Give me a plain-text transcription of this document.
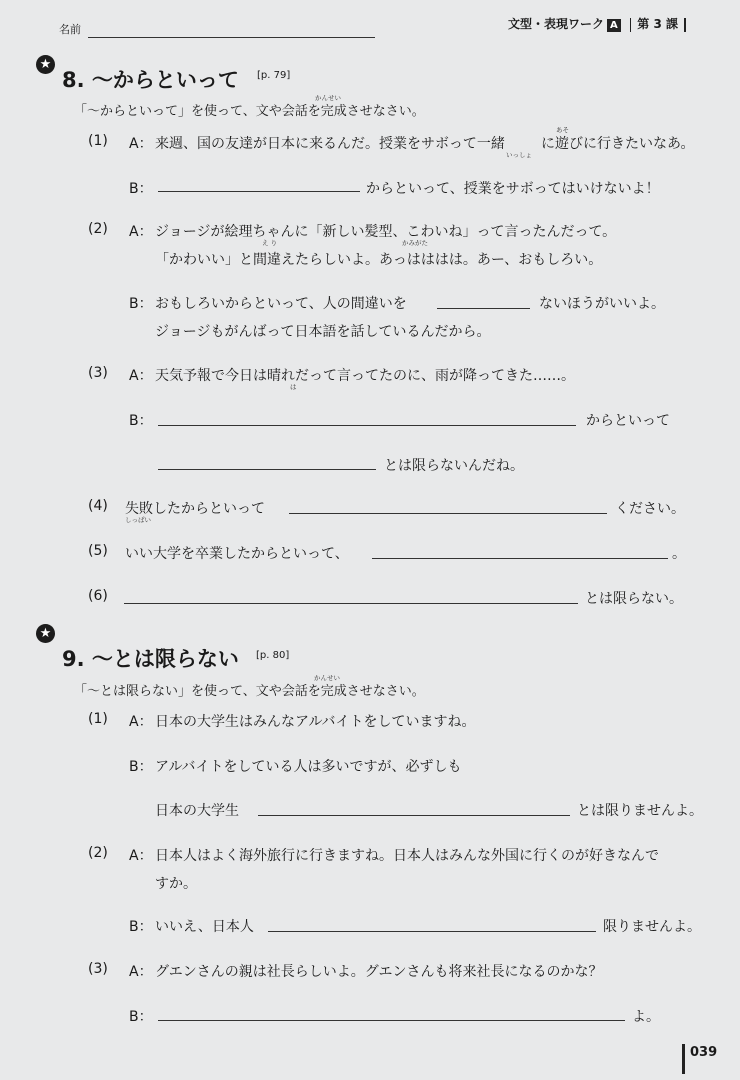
名前	文型・表現ワーク A 第 3 課
★
8. 〜からといって [p. 79]
かんせい
「〜からといって」を使って、文や会話を完成させなさい。
(1) A： 来週、国の友達が日本に来るんだ。授業をサボって一緒	に遊びに行きたいなあ。
いっしょ
あそ
B：	からといって、授業をサボってはいけないよ！
(2) A： ジョージが絵理ちゃんに「新しい髪型、こわいね」って言ったんだって。
え り	かみがた
「かわいい」と間違えたらしいよ。あっはははは。あー、おもしろい。
B： おもしろいからといって、人の間違いを	ないほうがいいよ。
ジョージもがんばって日本語を話しているんだから。
(3) A： 天気予報で今日は晴れだって言ってたのに、雨が降ってきた……。
は
B：	からといって
とは限らないんだね。
(4) 失敗したからといって
しっぱい
ください。
(5) いい大学を卒業したからといって、	。
(6)	とは限らない。
★
9. 〜とは限らない [p. 80]
かんせい
「〜とは限らない」を使って、文や会話を完成させなさい。
(1) A： 日本の大学生はみんなアルバイトをしていますね。
B： アルバイトをしている人は多いですが、必ずしも
日本の大学生	とは限りませんよ。
(2) A： 日本人はよく海外旅行に行きますね。日本人はみんな外国に行くのが好きなんで
すか。
B： いいえ、日本人	限りませんよ。
(3) A： グエンさんの親は社長らしいよ。グエンさんも将来社長になるのかな？
B：	よ。
039
